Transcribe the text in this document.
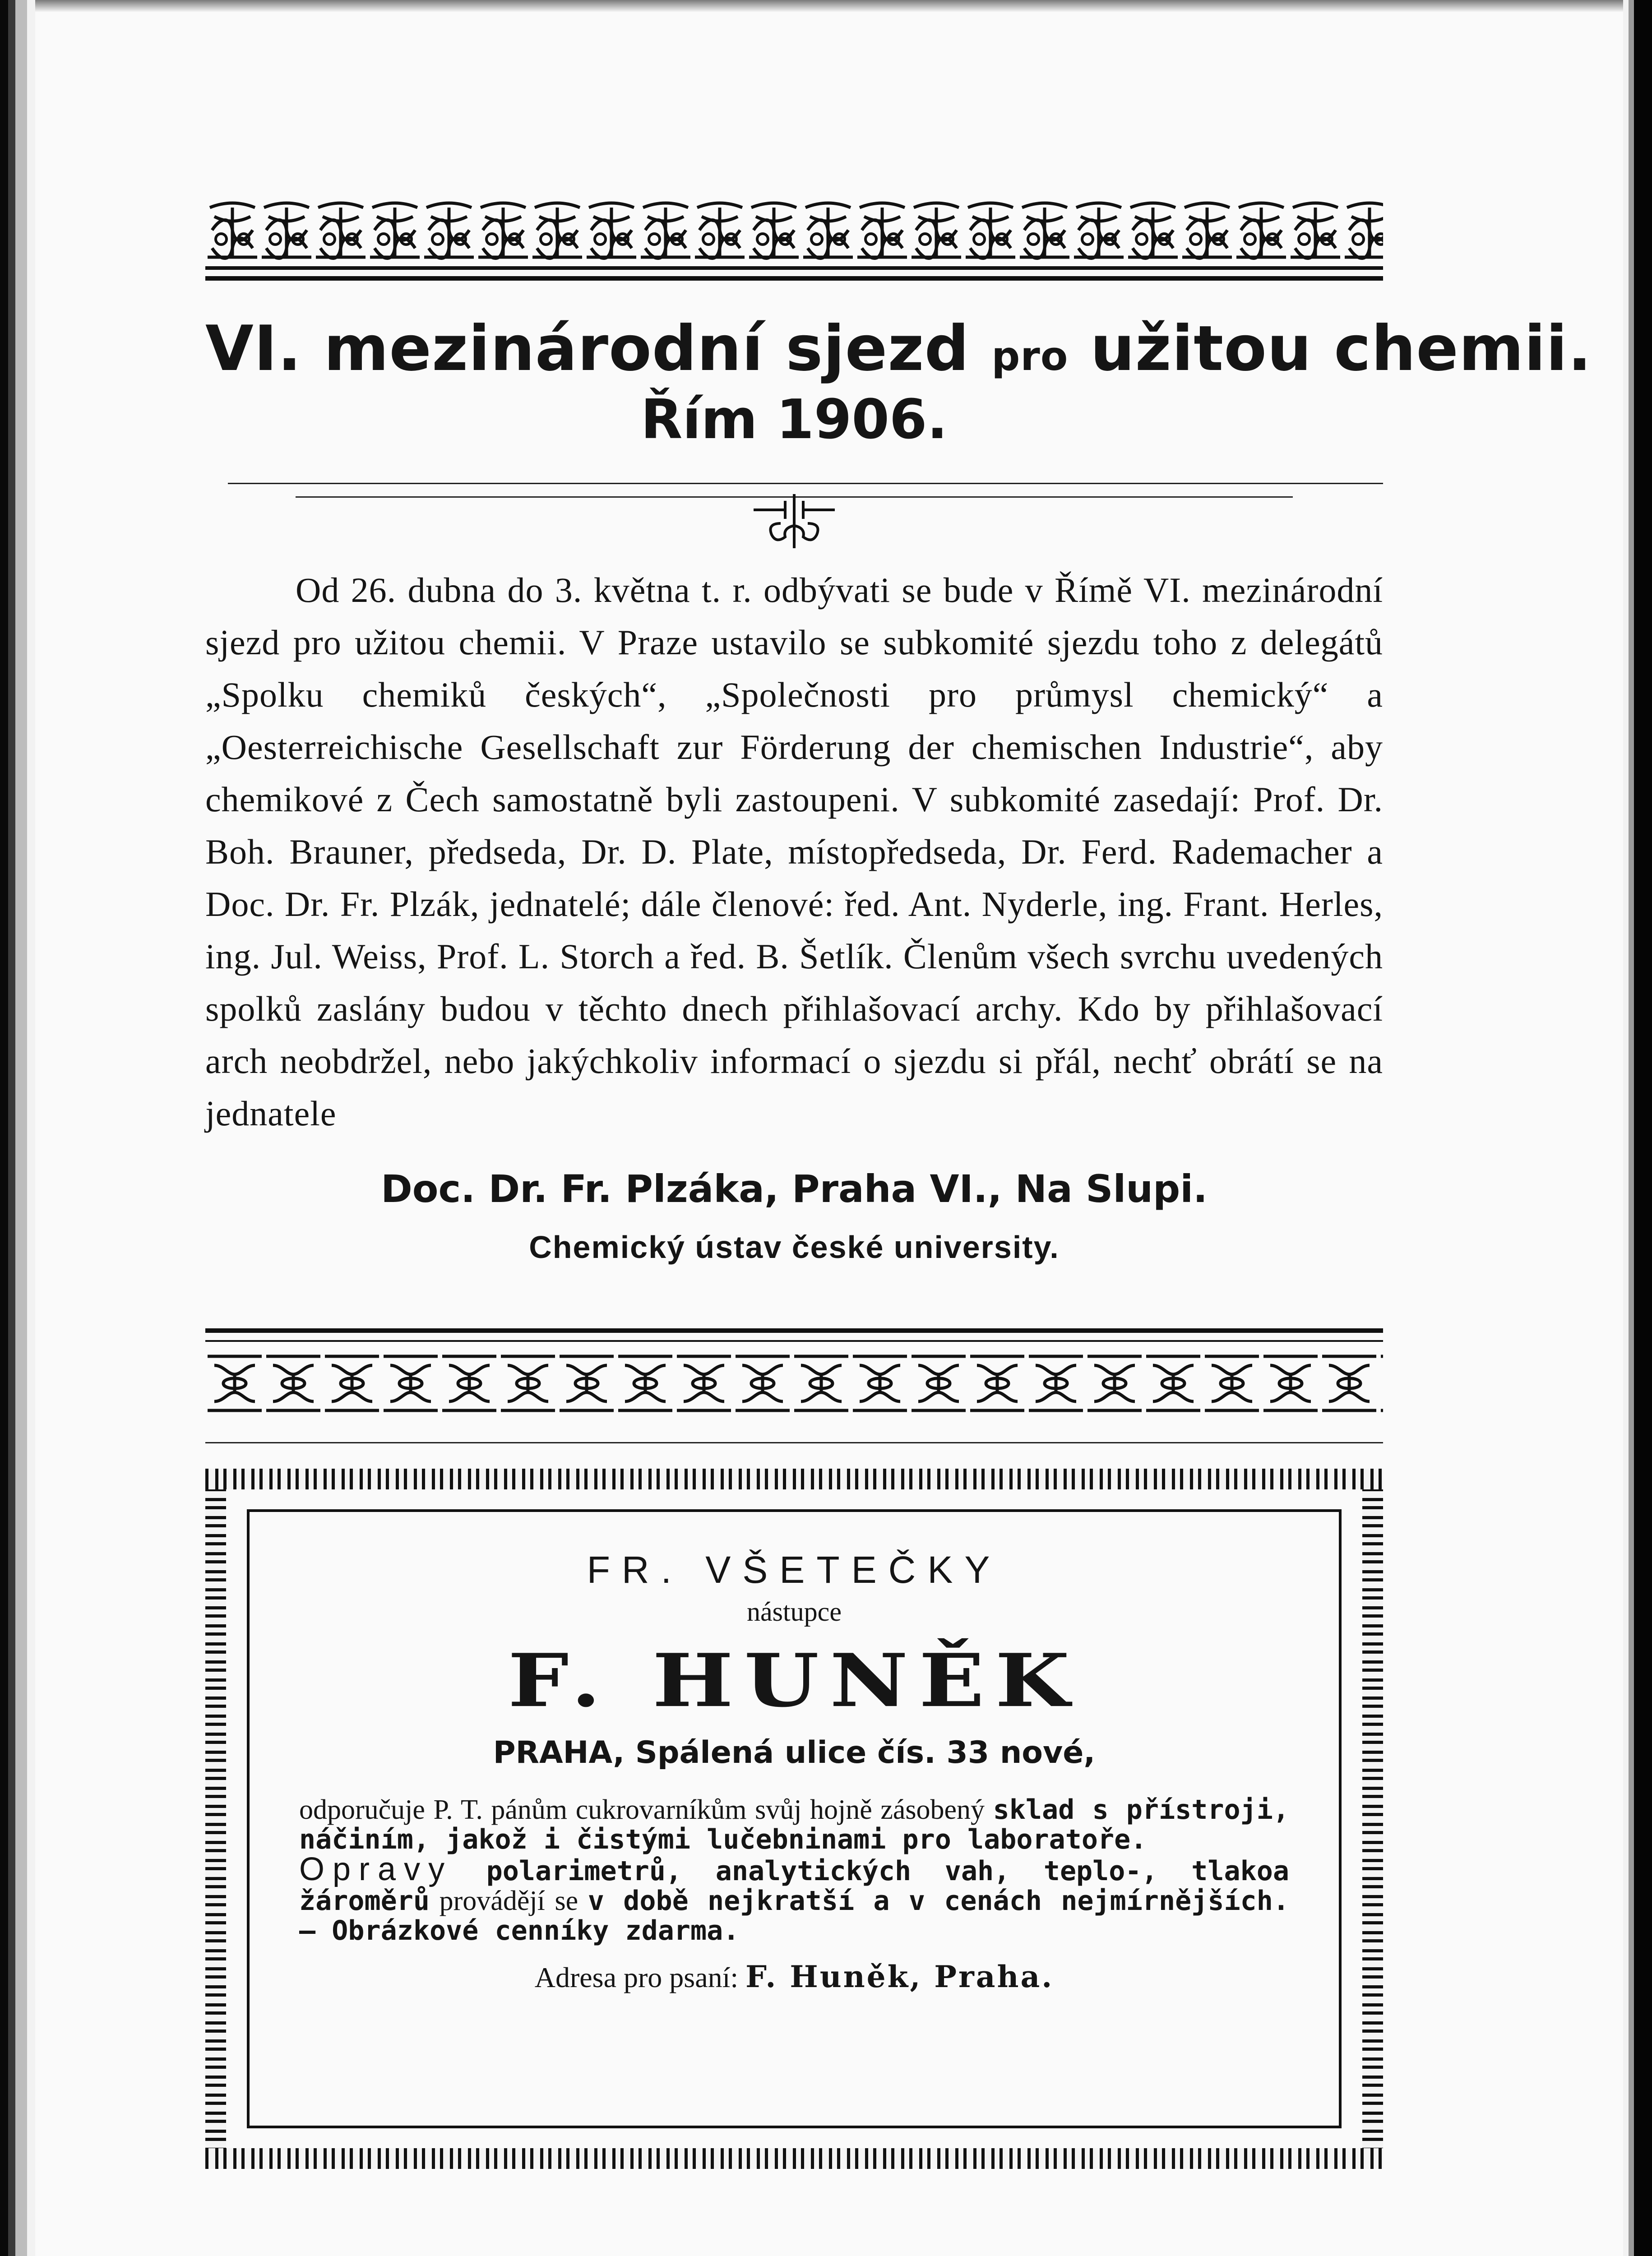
VI. mezinárodní sjezd pro užitou chemii.
Řím 1906.
Od 26. dubna do 3. května t. r. odbývati se bude v Římě VI. mezinárodní sjezd pro užitou chemii. V Praze ustavilo se subkomité sjezdu toho z delegátů „Spolku chemiků českých“, „Společnosti pro průmysl chemický“ a „Oesterreichische Gesellschaft zur Förderung der chemischen Industrie“, aby chemikové z Čech samostatně byli zastoupeni. V subkomité zasedají: Prof. Dr. Boh. Brauner, předseda, Dr. D. Plate, místopředseda, Dr. Ferd. Rademacher a Doc. Dr. Fr. Plzák, jednatelé; dále členové: řed. Ant. Nyderle, ing. Frant. Herles, ing. Jul. Weiss, Prof. L. Storch a řed. B. Šetlík. Členům všech svrchu uvedených spolků zaslány budou v těchto dnech přihlašovací archy. Kdo by přihlašovací arch neobdržel, nebo jakýchkoliv informací o sjezdu si přál, nechť obrátí se na jednatele
Doc. Dr. Fr. Plzáka, Praha VI., Na Slupi.
Chemický ústav české university.
FR. VŠETEČKY
nástupce
F. HUNĚK
PRAHA, Spálená ulice čís. 33 nové,
odporučuje P. T. pánům cukrovarníkům svůj hojně zásobený sklad s přístroji, náčiním, jakož i čistými lučebninami pro laboratoře.
Opravy polarimetrů, analytických vah, teplo-, tlakoa žároměrů provádějí se v době nejkratší a v cenách nejmírnějších. — Obrázkové cenníky zdarma.
Adresa pro psaní: F. Huněk, Praha.
